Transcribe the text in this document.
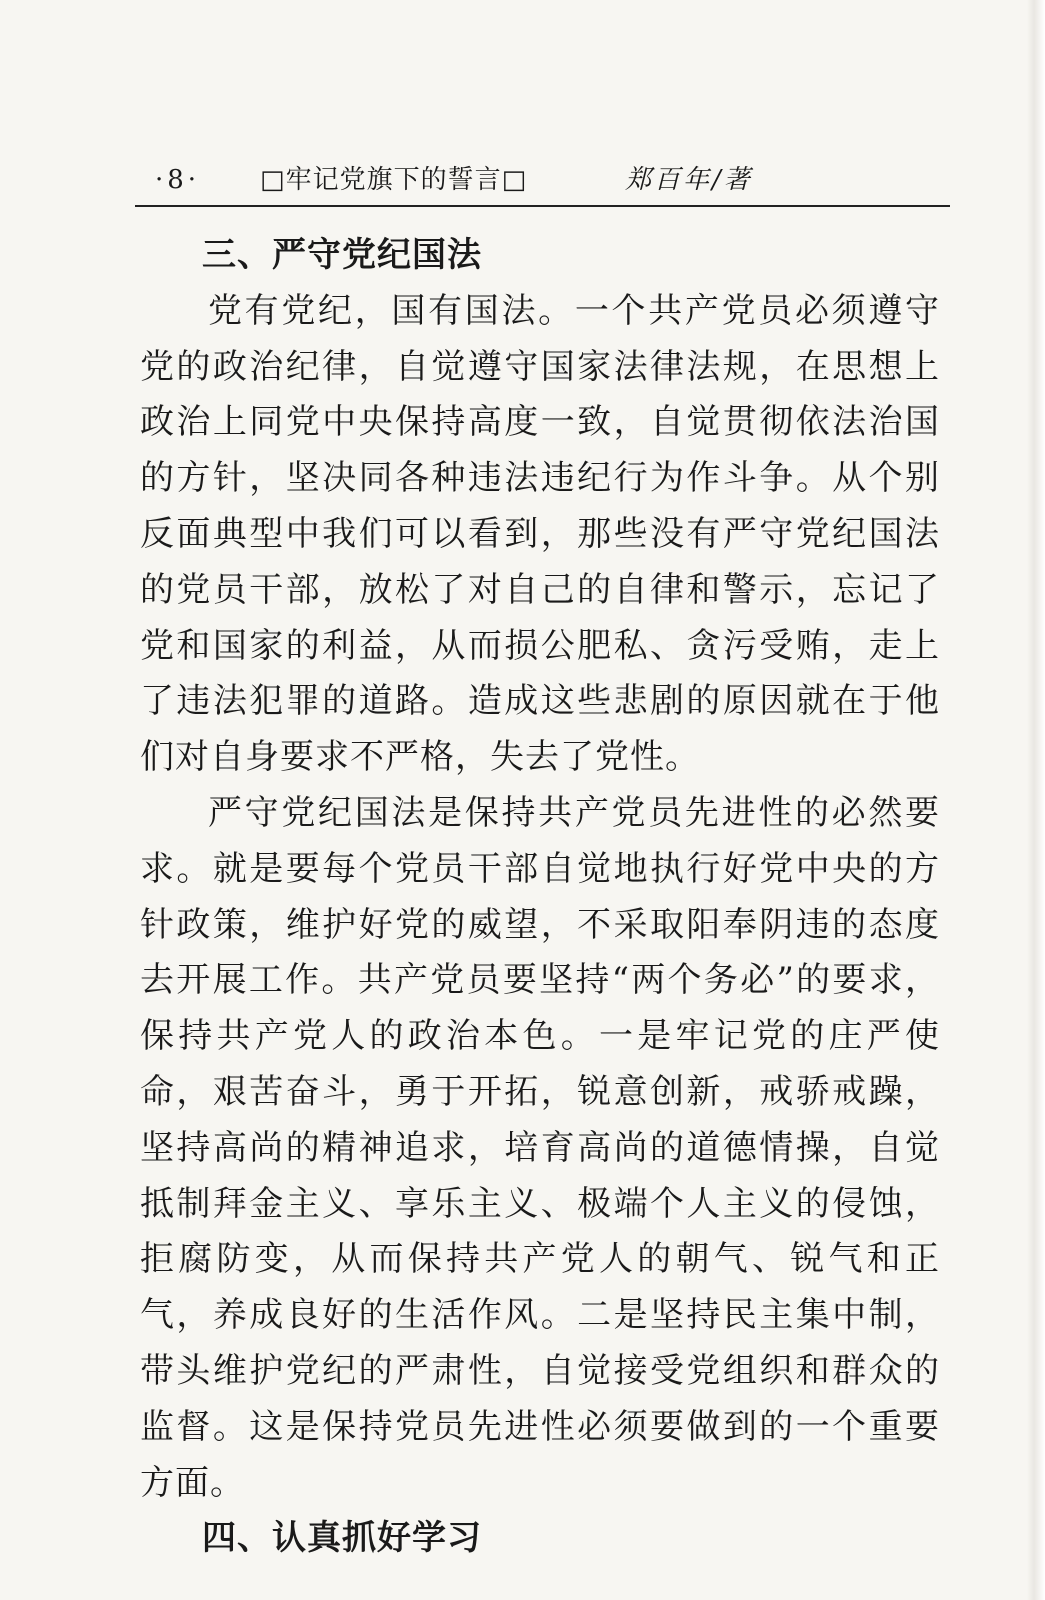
·8· □牢记党旗下的誓言□	郑百年/著
三、严守党纪国法

党有党纪，国有国法。一个共产党员必须遵守党的政治纪律，自觉遵守国家法律法规，在思想上政治上同党中央保持高度一致，自觉贯彻依法治国的方针，坚决同各种违法违纪行为作斗争。从个别反面典型中我们可以看到，那些没有严守党纪国法的党员干部，放松了对自己的自律和警示，忘记了党和国家的利益，从而损公肥私、贪污受贿，走上了违法犯罪的道路。造成这些悲剧的原因就在于他们对自身要求不严格，失去了党性。

严守党纪国法是保持共产党员先进性的必然要求。就是要每个党员干部自觉地执行好党中央的方针政策，维护好党的威望，不采取阳奉阴违的态度去开展工作。共产党员要坚持“两个务必”的要求，保持共产党人的政治本色。一是牢记党的庄严使命，艰苦奋斗，勇于开拓，锐意创新，戒骄戒躁，坚持高尚的精神追求，培育高尚的道德情操，自觉抵制拜金主义、享乐主义、极端个人主义的侵蚀，拒腐防变，从而保持共产党人的朝气、锐气和正气，养成良好的生活作风。二是坚持民主集中制，带头维护党纪的严肃性，自觉接受党组织和群众的监督。这是保持党员先进性必须要做到的一个重要方面。

四、认真抓好学习
